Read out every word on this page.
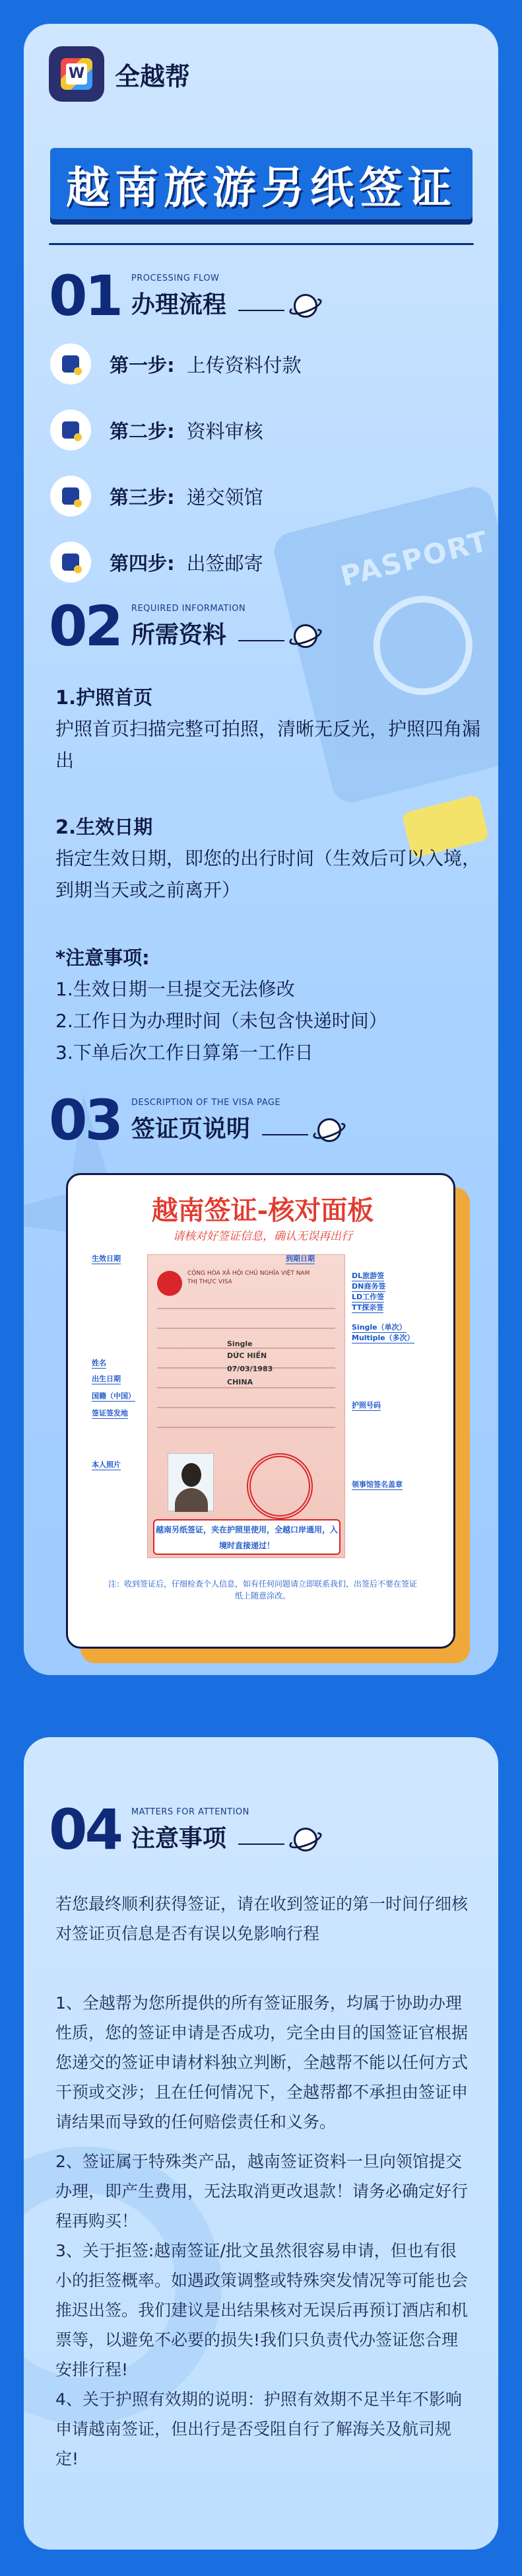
PASPORT
W 全越帮
越南旅游另纸签证
01 PROCESSING FLOW
办理流程
第一步: 上传资料付款
第二步: 资料审核
第三步: 递交领馆
第四步: 出签邮寄
02 REQUIRED INFORMATION
所需资料
1.护照首页
护照首页扫描完整可拍照，清晰无反光，护照四角漏出
2.生效日期
指定生效日期，即您的出行时间（生效后可以入境，到期当天或之前离开）
*注意事项:
1.生效日期一旦提交无法修改
2.工作日为办理时间（未包含快递时间）
3.下单后次工作日算第一工作日
03 DESCRIPTION OF THE VISA PAGE
签证页说明
越南签证-核对面板
请核对好签证信息，确认无误再出行
CỘNG HÒA XÃ HỘI CHỦ NGHĨA VIỆT NAM
THỊ THỰC VISA
Single
CHINA
07/03/1983
DỨC HIỀN
越南另纸签证，夹在护照里使用，全越口岸通用，入境时直接递过！
生效日期
姓名
出生日期
国籍（中国）
签证签发地
本人照片
到期日期
DL旅游签
DN商务签
LD工作签
TT探亲签
Single（单次）
Multiple（多次）
护照号码
领事馆签名盖章
注：收到签证后，仔细检查个人信息，如有任何问题请立即联系我们，出签后不要在签证纸上随意涂改。
04 MATTERS FOR ATTENTION
注意事项
若您最终顺利获得签证，请在收到签证的第一时间仔细核对签证页信息是否有误以免影响行程
1、全越帮为您所提供的所有签证服务，均属于协助办理性质，您的签证申请是否成功，完全由目的国签证官根据您递交的签证申请材料独立判断，全越帮不能以任何方式干预或交涉；且在任何情况下，全越帮都不承担由签证申请结果而导致的任何赔偿责任和义务。
2、签证属于特殊类产品，越南签证资料一旦向领馆提交办理，即产生费用，无法取消更改退款！请务必确定好行程再购买！
3、关于拒签:越南签证/批文虽然很容易申请，但也有很小的拒签概率。如遇政策调整或特殊突发情况等可能也会推迟出签。我们建议是出结果核对无误后再预订酒店和机票等，以避免不必要的损失!我们只负责代办签证您合理安排行程!
4、关于护照有效期的说明：护照有效期不足半年不影响申请越南签证，但出行是否受阻自行了解海关及航司规定!
